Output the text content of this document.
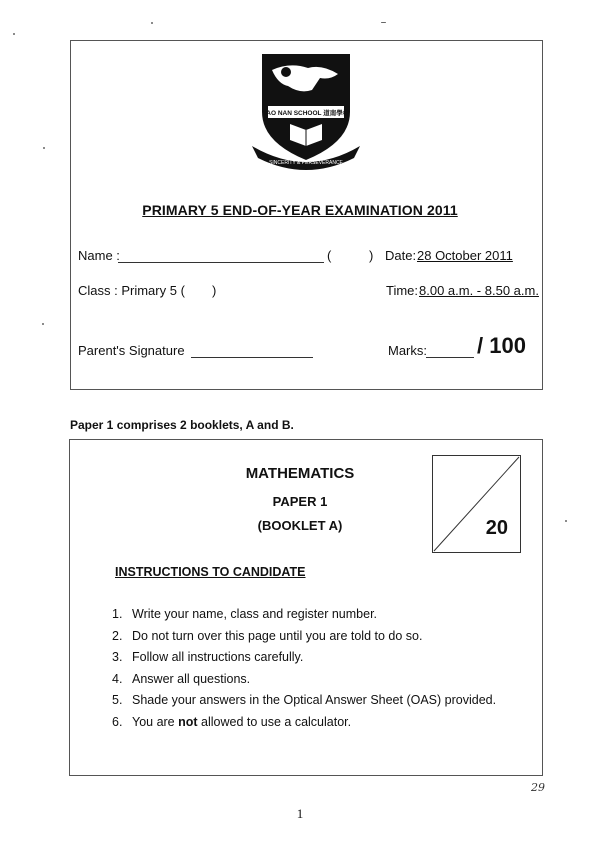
TAO NAN SCHOOL 道南學校
SINCERITY & PERSEVERANCE
PRIMARY 5 END-OF-YEAR EXAMINATION 2011
Name :	(	) Date: 28 October 2011
Class : Primary 5 ( )	Time: 8.00 a.m. - 8.50 a.m.
Parent's Signature	Marks: / 100
Paper 1 comprises 2 booklets, A and B.
MATHEMATICS
PAPER 1
(BOOKLET A)	20
INSTRUCTIONS TO CANDIDATE
1. Write your name, class and register number.
2. Do not turn over this page until you are told to do so.
3. Follow all instructions carefully.
4. Answer all questions.
5. Shade your answers in the Optical Answer Sheet (OAS) provided.
6. You are not allowed to use a calculator.
29
1
